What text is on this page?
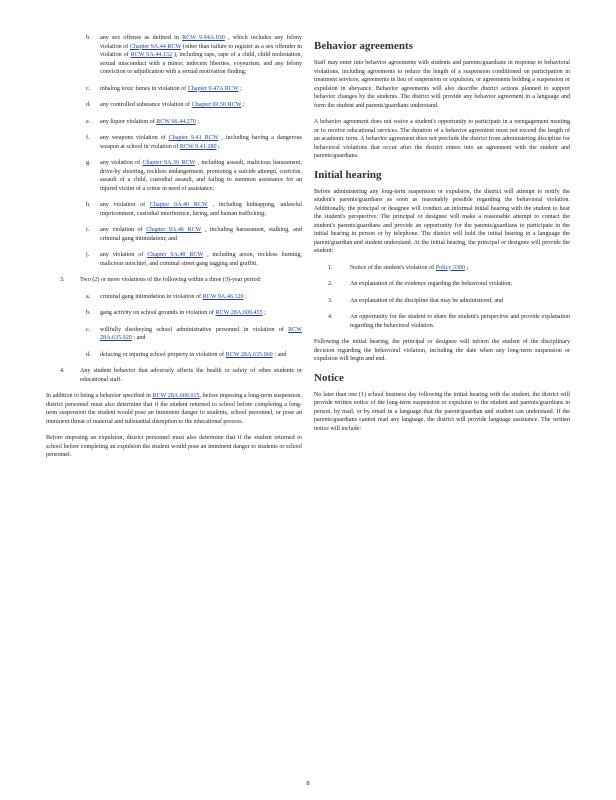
b.	any sex offense as defined in RCW 9.94A.030 , which includes any felony violation of Chapter 9A.44 RCW (other than failure to register as a sex offender in violation of RCW 9A.44.132 ), including rape, rape of a child, child molestation, sexual misconduct with a minor, indecent liberties, voyeurism, and any felony conviction or adjudication with a sexual motivation finding;
c.	inhaling toxic fumes in violation of Chapter 9.47A RCW ;
d.	any controlled substance violation of Chapter 69.50 RCW ;
e.	any liquor violation of RCW 66.44.270 ;
f.	any weapons violation of Chapter 9.41 RCW , including having a dangerous weapon at school in violation of RCW 9.41.280 ;
g.	any violation of Chapter 9A.36 RCW , including assault, malicious harassment, drive-by shooting, reckless endangerment, promoting a suicide attempt, coercion, assault of a child, custodial assault, and failing to summon assistance for an injured victim of a crime in need of assistance;
h.	any violation of Chapter 9A.40 RCW , including kidnapping, unlawful imprisonment, custodial interference, luring, and human trafficking;
i.	any violation of Chapter 9A.46 RCW , including harassment, stalking, and criminal gang intimidation; and
j.	any violation of Chapter 9A.48 RCW , including arson, reckless burning, malicious mischief, and criminal street gang tagging and graffiti.
3.	Two (2) or more violations of the following within a three (3)-year period:
a.	criminal gang intimidation in violation of RCW 9A.46.120 ;
b.	gang activity on school grounds in violation of RCW 28A.600.455 ;
c.	willfully disobeying school administrative personnel in violation of RCW 28A.635.020 ; and
d.	defacing or injuring school property in violation of RCW 28A.635.060 ; and
4.	Any student behavior that adversely affects the health or safety of other students or educational staff.

In addition to being a behavior specified in RCW 28A.600.015, before imposing a long-term suspension, district personnel must also determine that if the student returned to school before completing a long-term suspension the student would pose an imminent danger to students, school personnel, or pose an imminent threat of material and substantial disruption to the educational process.

Before imposing an expulsion, district personnel must also determine that if the student returned to school before completing an expulsion the student would pose an imminent danger to students or school personnel.

Behavior agreements

Staff may enter into behavior agreements with students and parents/guardians in response to behavioral violations, including agreements to reduce the length of a suspension conditioned on participation in treatment services, agreements in lieu of suspension or expulsion, or agreements holding a suspension or expulsion in abeyance. Behavior agreements will also describe district actions planned to support behavior changes by the students. The district will provide any behavior agreement in a language and form the student and parents/guardians understand.

A behavior agreement does not waive a student's opportunity to participate in a reengagement meeting or to receive educational services. The duration of a behavior agreement must not exceed the length of an academic term. A behavior agreement does not preclude the district from administering discipline for behavioral violations that occur after the district enters into an agreement with the student and parents/guardians.

Initial hearing

Before administering any long-term suspension or expulsion, the district will attempt to notify the student's parents/guardians as soon as reasonably possible regarding the behavioral violation. Additionally, the principal or designee will conduct an informal initial hearing with the student to hear the student's perspective. The principal or designee will make a reasonable attempt to contact the student's parents/guardians and provide an opportunity for the parents/guardians to participate in the initial hearing in person or by telephone. The district will hold the initial hearing in a language the parent/guardian and student understand. At the initial hearing, the principal or designee will provide the student:

1.	Notice of the student's violation of Policy 3300 ;
2.	An explanation of the evidence regarding the behavioral violation;
3.	An explanation of the discipline that may be administered; and
4.	An opportunity for the student to share the student's perspective and provide explanation regarding the behavioral violation.

Following the initial hearing, the principal or designee will inform the student of the disciplinary decision regarding the behavioral violation, including the date when any long-term suspension or expulsion will begin and end.

Notice

No later than one (1) school business day following the initial hearing with the student, the district will provide written notice of the long-term suspension or expulsion to the student and parents/guardians in person, by mail, or by email in a language that the parent/guardian and student can understand. If the parents/guardians cannot read any language, the district will provide language assistance. The written notice will include:

8
